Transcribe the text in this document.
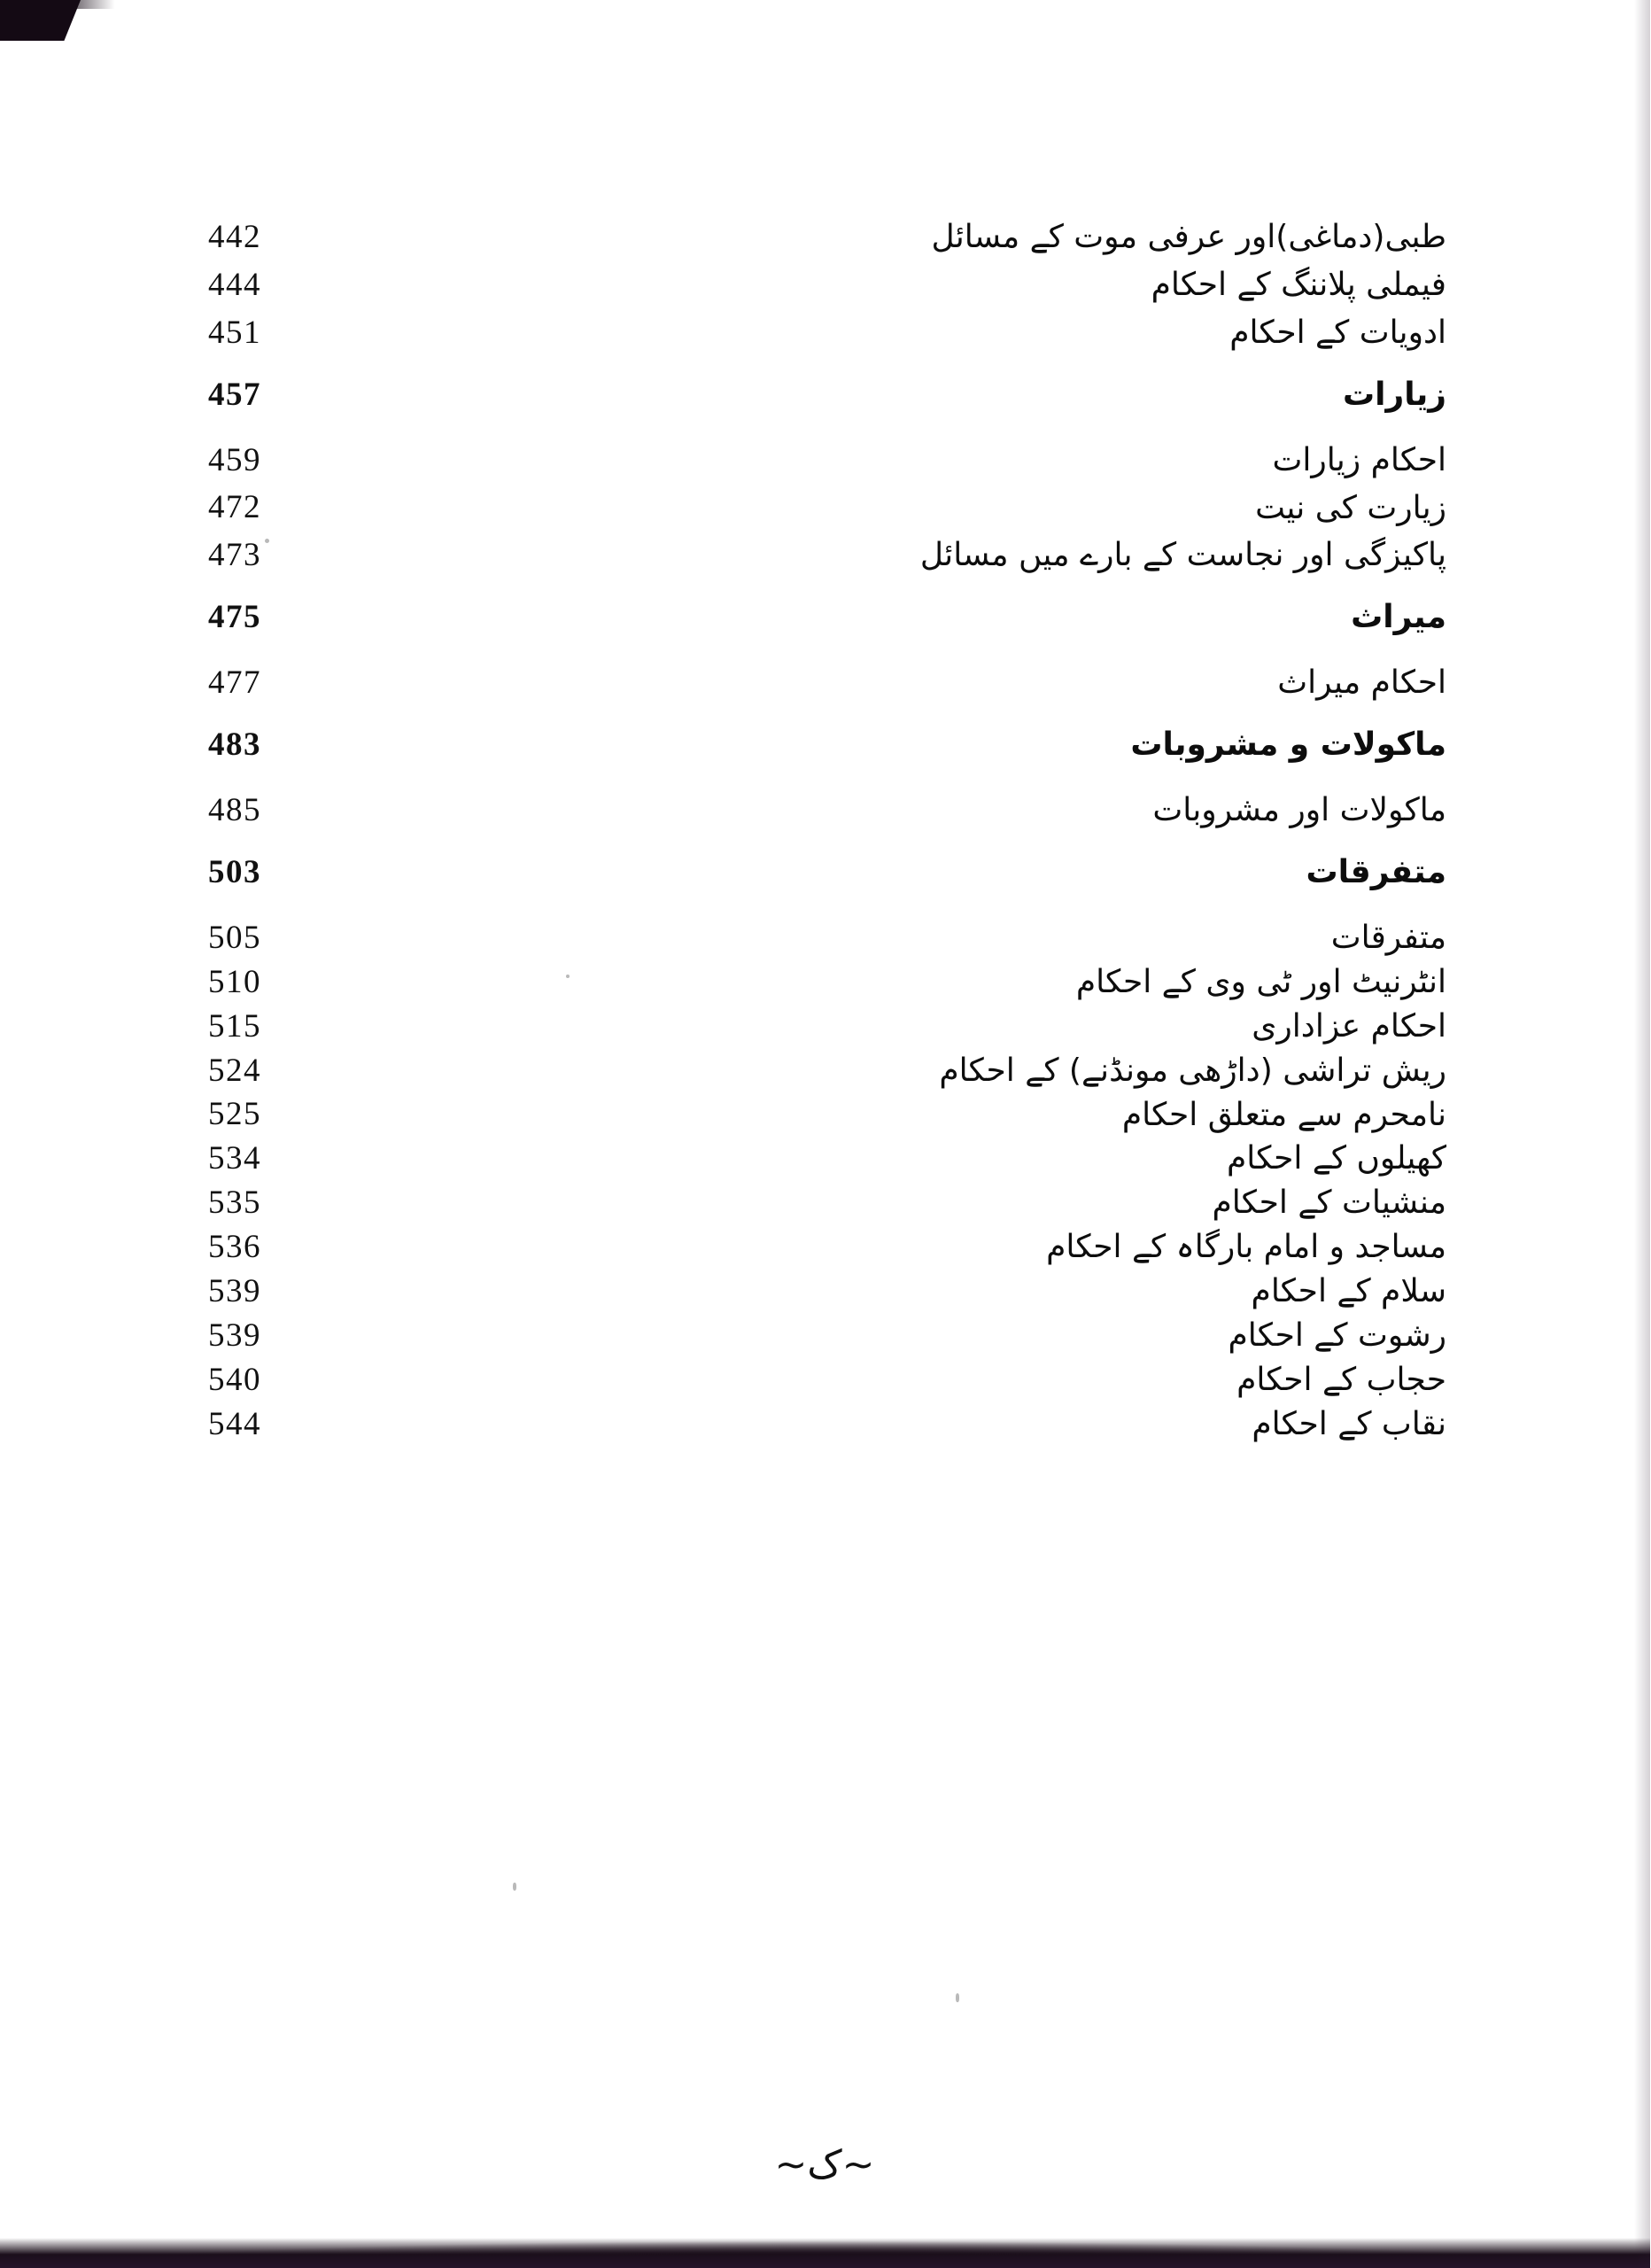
442	طبی(دماغی)اور عرفی موت کے مسائل
444	فیملی پلاننگ کے احکام
451	ادویات کے احکام
457	زیارات
459	احکام زیارات
472	زیارت کی نیت
473	پاکیزگی اور نجاست کے بارے میں مسائل
475	میراث
477	احکام میراث
483	ماکولات و مشروبات
485	ماکولات اور مشروبات
503	متفرقات
505	متفرقات
510	انٹرنیٹ اور ٹی وی کے احکام
515	احکام عزاداری
524	ریش تراشی (داڑھی مونڈنے) کے احکام
525	نامحرم سے متعلق احکام
534	کھیلوں کے احکام
535	منشیات کے احکام
536	مساجد و امام بارگاہ کے احکام
539	سلام کے احکام
539	رشوت کے احکام
540	حجاب کے احکام
544	نقاب کے احکام
~ک~
